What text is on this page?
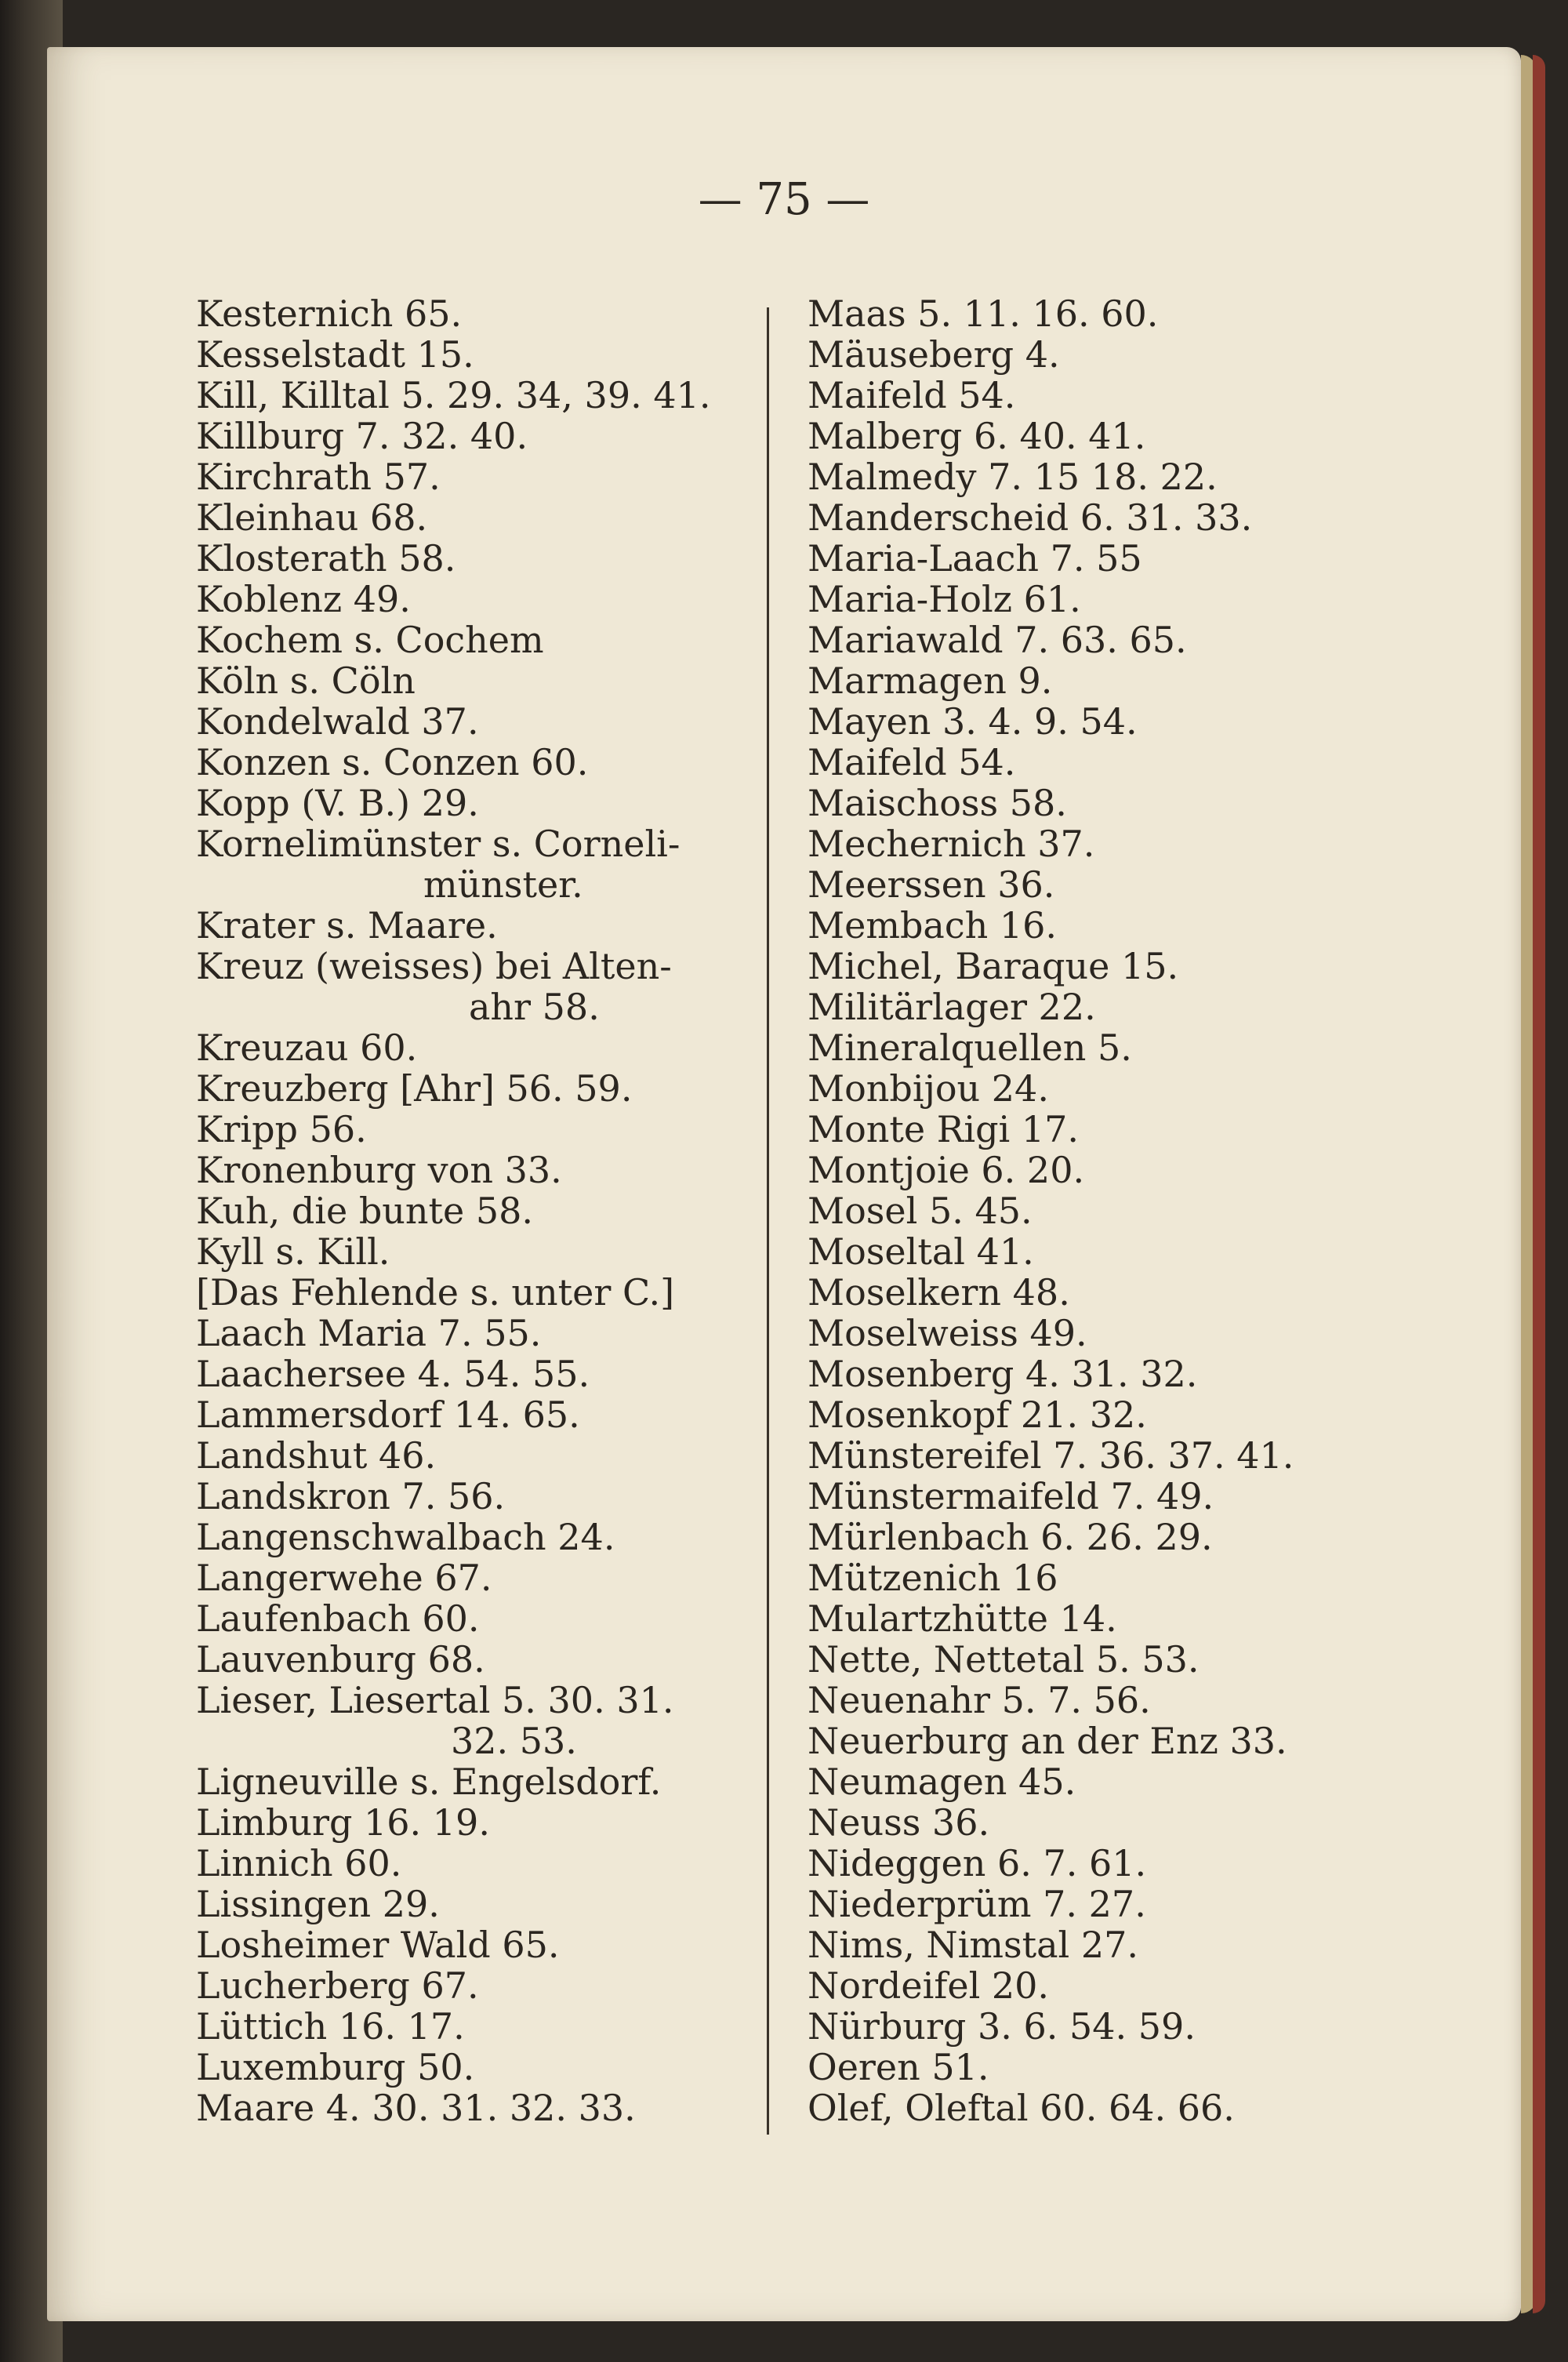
— 75 —
Kesternich 65.
Kesselstadt 15.
Kill, Killtal 5. 29. 34, 39. 41.
Killburg 7. 32. 40.
Kirchrath 57.
Kleinhau 68.
Klosterath 58.
Koblenz 49.
Kochem s. Cochem
Köln s. Cöln
Kondelwald 37.
Konzen s. Conzen 60.
Kopp (V. B.) 29.
Kornelimünster s. Corneli-
münster.
Krater s. Maare.
Kreuz (weisses) bei Alten-
ahr 58.
Kreuzau 60.
Kreuzberg [Ahr] 56. 59.
Kripp 56.
Kronenburg von 33.
Kuh, die bunte 58.
Kyll s. Kill.
[Das Fehlende s. unter C.]
Laach Maria 7. 55.
Laachersee 4. 54. 55.
Lammersdorf 14. 65.
Landshut 46.
Landskron 7. 56.
Langenschwalbach 24.
Langerwehe 67.
Laufenbach 60.
Lauvenburg 68.
Lieser, Liesertal 5. 30. 31.
32. 53.
Ligneuville s. Engelsdorf.
Limburg 16. 19.
Linnich 60.
Lissingen 29.
Losheimer Wald 65.
Lucherberg 67.
Lüttich 16. 17.
Luxemburg 50.
Maare 4. 30. 31. 32. 33.
Maas 5. 11. 16. 60.
Mäuseberg 4.
Maifeld 54.
Malberg 6. 40. 41.
Malmedy 7. 15 18. 22.
Manderscheid 6. 31. 33.
Maria-Laach 7. 55
Maria-Holz 61.
Mariawald 7. 63. 65.
Marmagen 9.
Mayen 3. 4. 9. 54.
Maifeld 54.
Maischoss 58.
Mechernich 37.
Meerssen 36.
Membach 16.
Michel, Baraque 15.
Militärlager 22.
Mineralquellen 5.
Monbijou 24.
Monte Rigi 17.
Montjoie 6. 20.
Mosel 5. 45.
Moseltal 41.
Moselkern 48.
Moselweiss 49.
Mosenberg 4. 31. 32.
Mosenkopf 21. 32.
Münstereifel 7. 36. 37. 41.
Münstermaifeld 7. 49.
Mürlenbach 6. 26. 29.
Mützenich 16
Mulartzhütte 14.
Nette, Nettetal 5. 53.
Neuenahr 5. 7. 56.
Neuerburg an der Enz 33.
Neumagen 45.
Neuss 36.
Nideggen 6. 7. 61.
Niederprüm 7. 27.
Nims, Nimstal 27.
Nordeifel 20.
Nürburg 3. 6. 54. 59.
Oeren 51.
Olef, Oleftal 60. 64. 66.
